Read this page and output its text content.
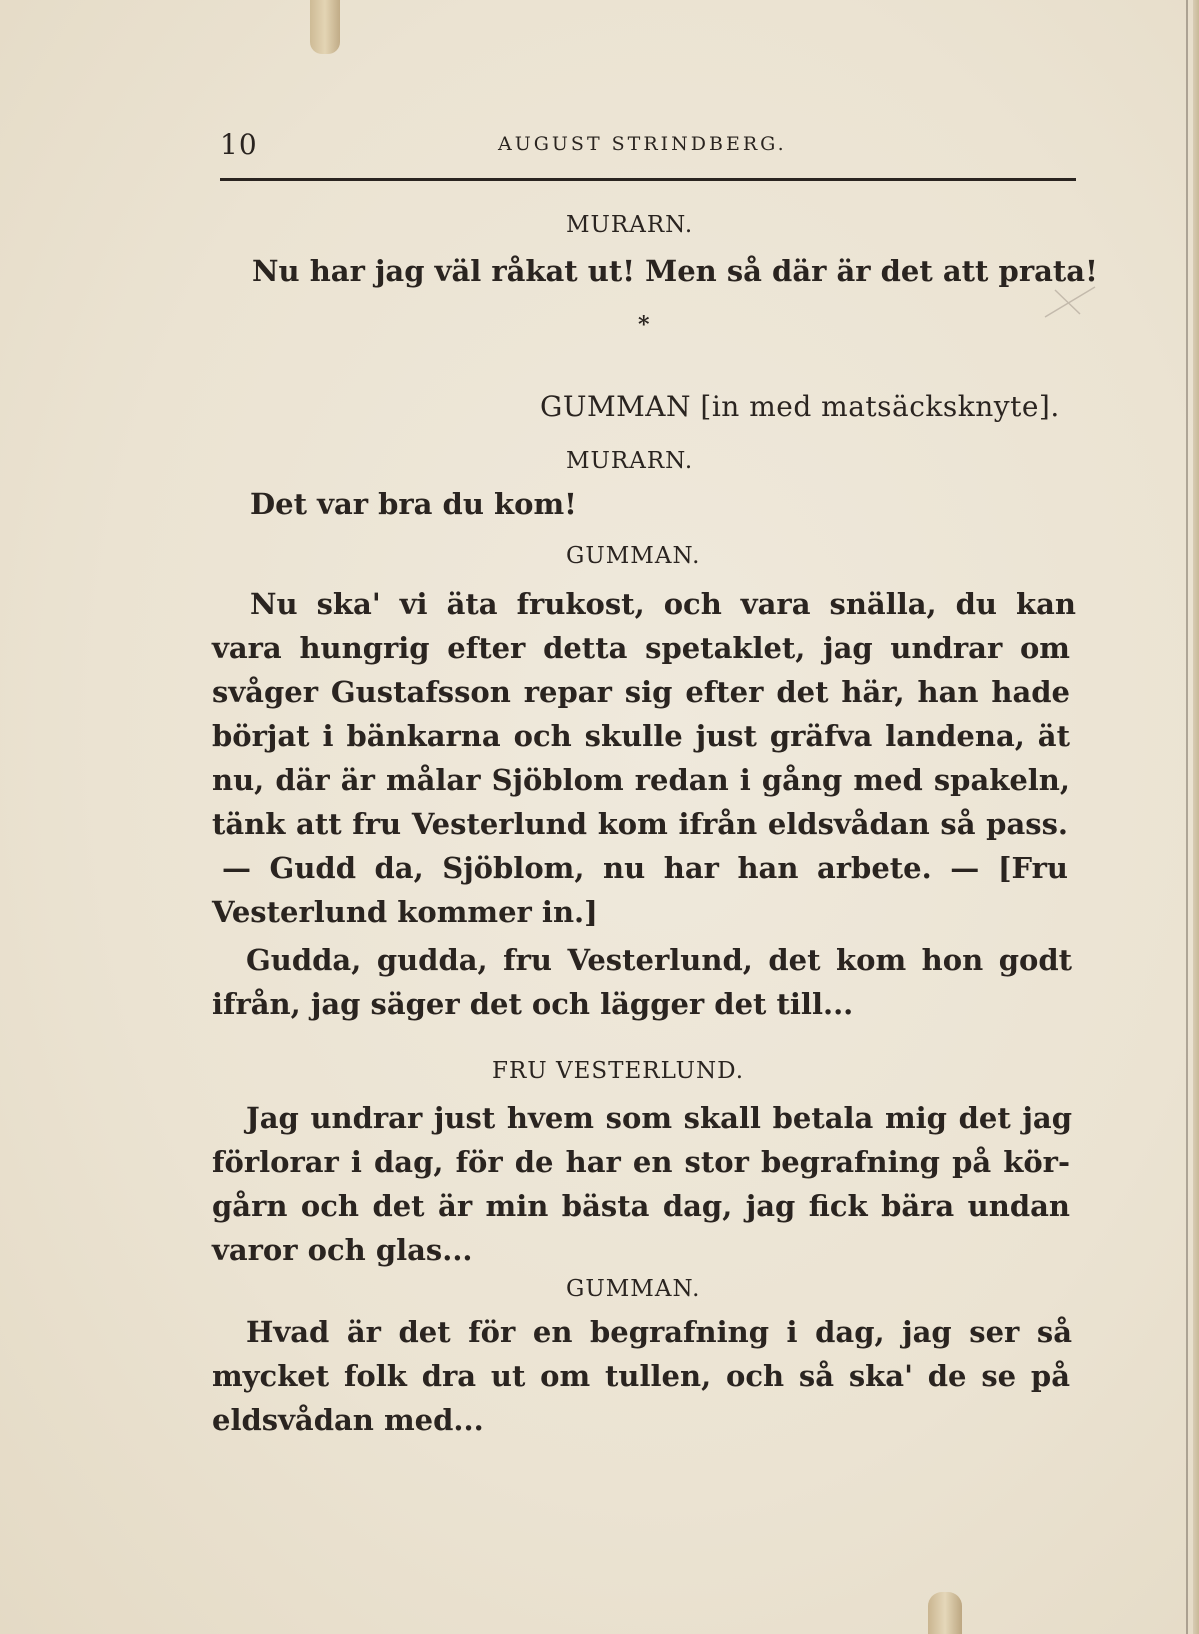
10	AUGUST STRINDBERG.
MURARN.
Nu har jag väl råkat ut! Men så där är det att prata!
*
GUMMAN [in med matsäcksknyte].
MURARN.
Det var bra du kom!
GUMMAN.
Nu ska' vi äta frukost, och vara snälla, du kan
vara hungrig efter detta spetaklet, jag undrar om
svåger Gustafsson repar sig efter det här, han hade
börjat i bänkarna och skulle just gräfva landena, ät
nu, där är målar Sjöblom redan i gång med spakeln,
tänk att fru Vesterlund kom ifrån eldsvådan så pass.
— Gudd da, Sjöblom, nu har han arbete. — [Fru
Vesterlund kommer in.]
Gudda, gudda, fru Vesterlund, det kom hon godt
ifrån, jag säger det och lägger det till...
FRU VESTERLUND.
Jag undrar just hvem som skall betala mig det jag
förlorar i dag, för de har en stor begrafning på kör-
gårn och det är min bästa dag, jag fick bära undan
varor och glas...
GUMMAN.
Hvad är det för en begrafning i dag, jag ser så
mycket folk dra ut om tullen, och så ska' de se på
eldsvådan med...
